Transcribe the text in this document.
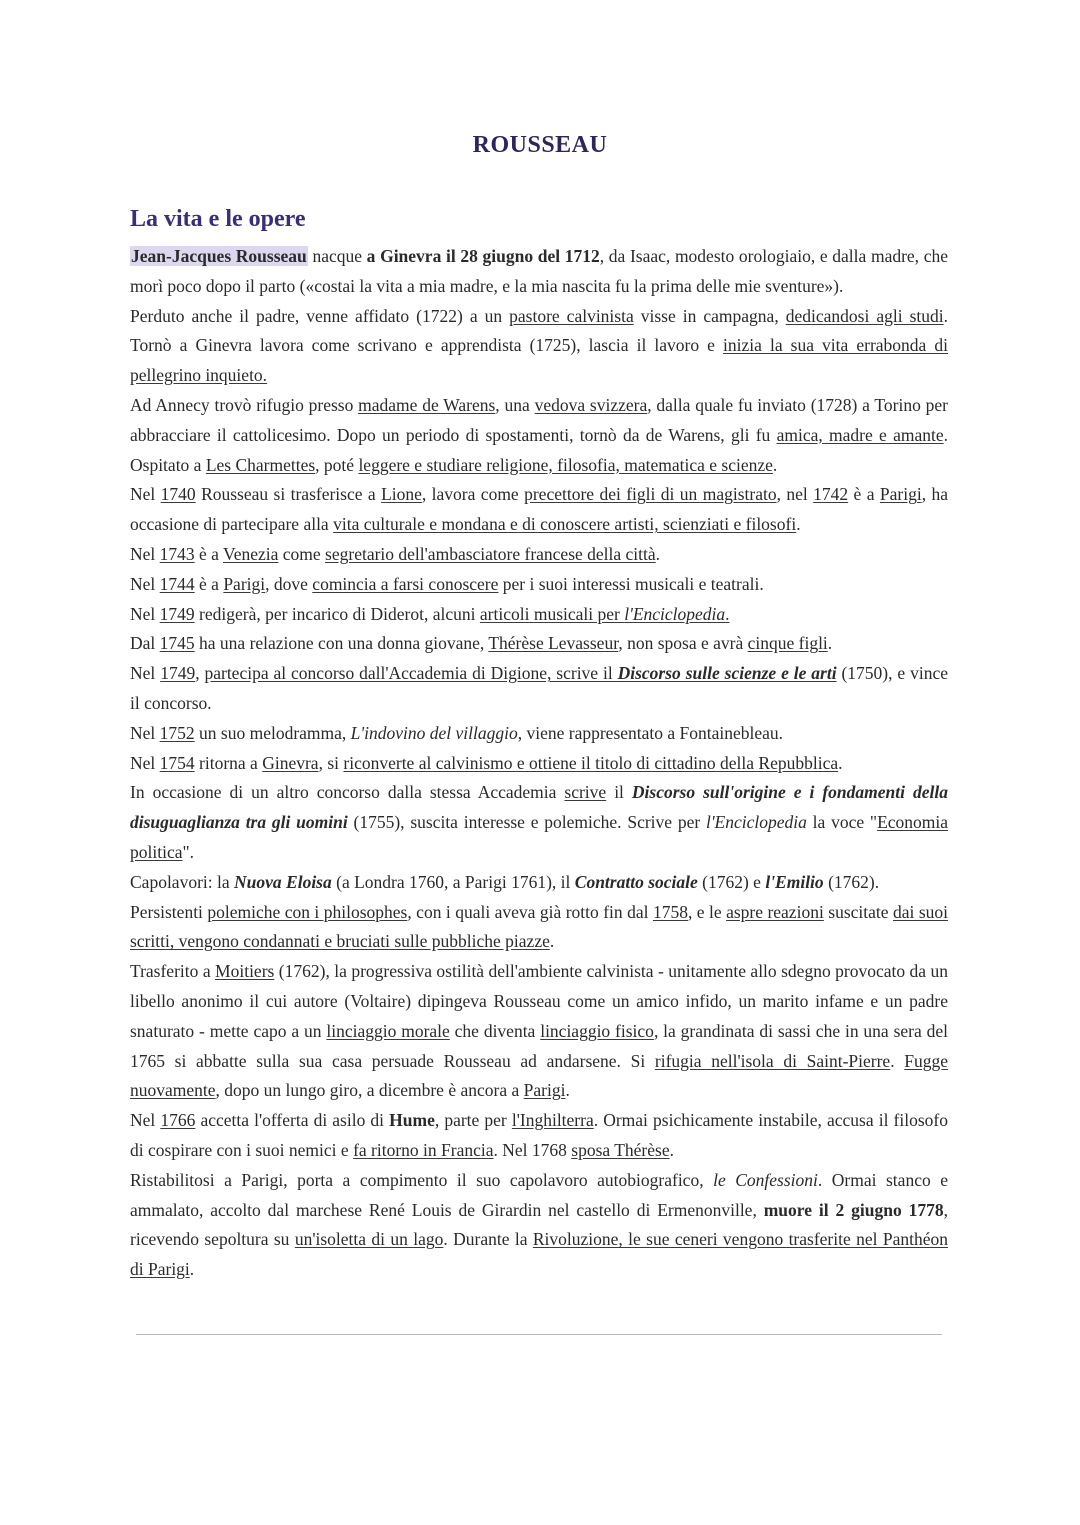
ROUSSEAU
La vita e le opere

Jean-Jacques Rousseau nacque a Ginevra il 28 giugno del 1712, da Isaac, modesto orologiaio, e dalla madre, che morì poco dopo il parto («costai la vita a mia madre, e la mia nascita fu la prima delle mie sventure»).

Perduto anche il padre, venne affidato (1722) a un pastore calvinista visse in campagna, dedicandosi agli studi. Tornò a Ginevra lavora come scrivano e apprendista (1725), lascia il lavoro e inizia la sua vita errabonda di pellegrino inquieto.

Ad Annecy trovò rifugio presso madame de Warens, una vedova svizzera, dalla quale fu inviato (1728) a Torino per abbracciare il cattolicesimo. Dopo un periodo di spostamenti, tornò da de Warens, gli fu amica, madre e amante. Ospitato a Les Charmettes, poté leggere e studiare religione, filosofia, matematica e scienze.

Nel 1740 Rousseau si trasferisce a Lione, lavora come precettore dei figli di un magistrato, nel 1742 è a Parigi, ha occasione di partecipare alla vita culturale e mondana e di conoscere artisti, scienziati e filosofi.

Nel 1743 è a Venezia come segretario dell'ambasciatore francese della città.

Nel 1744 è a Parigi, dove comincia a farsi conoscere per i suoi interessi musicali e teatrali.

Nel 1749 redigerà, per incarico di Diderot, alcuni articoli musicali per l'Enciclopedia.

Dal 1745 ha una relazione con una donna giovane, Thérèse Levasseur, non sposa e avrà cinque figli.

Nel 1749, partecipa al concorso dall'Accademia di Digione, scrive il Discorso sulle scienze e le arti (1750), e vince il concorso.

Nel 1752 un suo melodramma, L'indovino del villaggio, viene rappresentato a Fontainebleau.

Nel 1754 ritorna a Ginevra, si riconverte al calvinismo e ottiene il titolo di cittadino della Repubblica.

In occasione di un altro concorso dalla stessa Accademia scrive il Discorso sull'origine e i fondamenti della disuguaglianza tra gli uomini (1755), suscita interesse e polemiche. Scrive per l'Enciclopedia la voce "Economia politica".

Capolavori: la Nuova Eloisa (a Londra 1760, a Parigi 1761), il Contratto sociale (1762) e l'Emilio (1762).

Persistenti polemiche con i philosophes, con i quali aveva già rotto fin dal 1758, e le aspre reazioni suscitate dai suoi scritti, vengono condannati e bruciati sulle pubbliche piazze.

Trasferito a Moitiers (1762), la progressiva ostilità dell'ambiente calvinista - unitamente allo sdegno provocato da un libello anonimo il cui autore (Voltaire) dipingeva Rousseau come un amico infido, un marito infame e un padre snaturato - mette capo a un linciaggio morale che diventa linciaggio fisico, la grandinata di sassi che in una sera del 1765 si abbatte sulla sua casa persuade Rousseau ad andarsene. Si rifugia nell'isola di Saint-Pierre. Fugge nuovamente, dopo un lungo giro, a dicembre è ancora a Parigi.

Nel 1766 accetta l'offerta di asilo di Hume, parte per l'Inghilterra. Ormai psichicamente instabile, accusa il filosofo di cospirare con i suoi nemici e fa ritorno in Francia. Nel 1768 sposa Thérèse.

Ristabilitosi a Parigi, porta a compimento il suo capolavoro autobiografico, le Confessioni. Ormai stanco e ammalato, accolto dal marchese René Louis de Girardin nel castello di Ermenonville, muore il 2 giugno 1778, ricevendo sepoltura su un'isoletta di un lago. Durante la Rivoluzione, le sue ceneri vengono trasferite nel Panthéon di Parigi.
